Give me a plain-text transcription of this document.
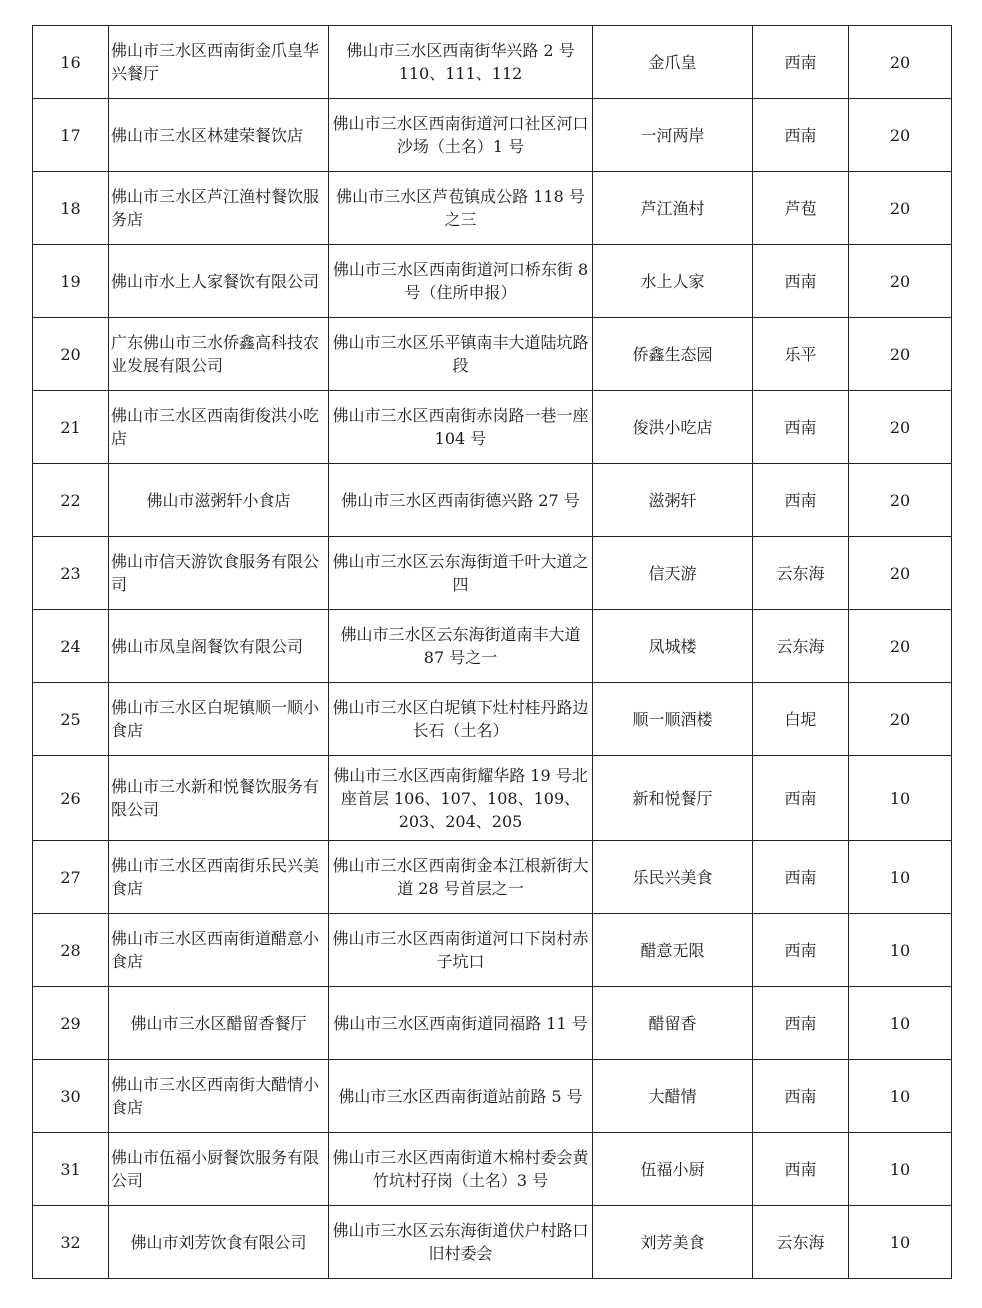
16	佛山市三水区西南街金爪皇华兴餐厅	佛山市三水区西南街华兴路 2 号 110、111、112	金爪皇	西南	20
17	佛山市三水区林建荣餐饮店	佛山市三水区西南街道河口社区河口沙场（土名）1 号	一河两岸	西南	20
18	佛山市三水区芦江渔村餐饮服务店	佛山市三水区芦苞镇成公路 118 号之三	芦江渔村	芦苞	20
19	佛山市水上人家餐饮有限公司	佛山市三水区西南街道河口桥东街 8 号（住所申报）	水上人家	西南	20
20	广东佛山市三水侨鑫高科技农业发展有限公司	佛山市三水区乐平镇南丰大道陆坑路段	侨鑫生态园	乐平	20
21	佛山市三水区西南街俊洪小吃店	佛山市三水区西南街赤岗路一巷一座 104 号	俊洪小吃店	西南	20
22	佛山市滋粥轩小食店	佛山市三水区西南街德兴路 27 号	滋粥轩	西南	20
23	佛山市信天游饮食服务有限公司	佛山市三水区云东海街道千叶大道之四	信天游	云东海	20
24	佛山市凤皇阁餐饮有限公司	佛山市三水区云东海街道南丰大道 87 号之一	凤城楼	云东海	20
25	佛山市三水区白坭镇顺一顺小食店	佛山市三水区白坭镇下灶村桂丹路边长石（土名）	顺一顺酒楼	白坭	20
26	佛山市三水新和悦餐饮服务有限公司	佛山市三水区西南街耀华路 19 号北座首层 106、107、108、109、203、204、205	新和悦餐厅	西南	10
27	佛山市三水区西南街乐民兴美食店	佛山市三水区西南街金本江根新街大道 28 号首层之一	乐民兴美食	西南	10
28	佛山市三水区西南街道醋意小食店	佛山市三水区西南街道河口下岗村赤子坑口	醋意无限	西南	10
29	佛山市三水区醋留香餐厅	佛山市三水区西南街道同福路 11 号	醋留香	西南	10
30	佛山市三水区西南街大醋情小食店	佛山市三水区西南街道站前路 5 号	大醋情	西南	10
31	佛山市伍福小厨餐饮服务有限公司	佛山市三水区西南街道木棉村委会黄竹坑村孖岗（土名）3 号	伍福小厨	西南	10
32	佛山市刘芳饮食有限公司	佛山市三水区云东海街道伏户村路口旧村委会	刘芳美食	云东海	10
